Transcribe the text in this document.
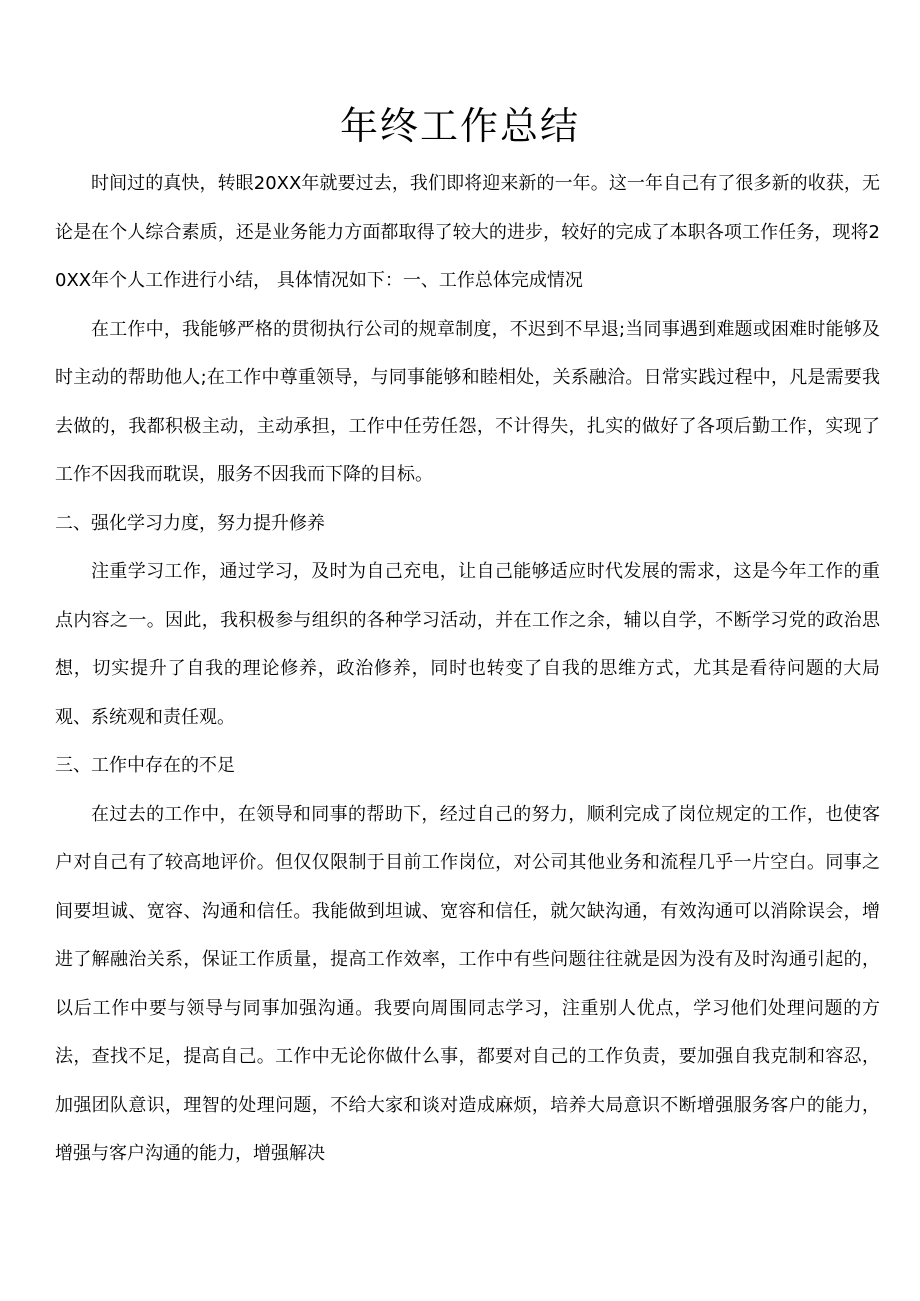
年终工作总结

时间过的真快，转眼20XX年就要过去，我们即将迎来新的一年。这一年自己有了很多新的收获，无论是在个人综合素质，还是业务能力方面都取得了较大的进步，较好的完成了本职各项工作任务，现将20XX年个人工作进行小结， 具体情况如下：一、工作总体完成情况

在工作中，我能够严格的贯彻执行公司的规章制度，不迟到不早退;当同事遇到难题或困难时能够及时主动的帮助他人;在工作中尊重领导，与同事能够和睦相处，关系融洽。日常实践过程中，凡是需要我去做的，我都积极主动，主动承担，工作中任劳任怨，不计得失，扎实的做好了各项后勤工作，实现了工作不因我而耽误，服务不因我而下降的目标。

二、强化学习力度，努力提升修养

注重学习工作，通过学习，及时为自己充电，让自己能够适应时代发展的需求，这是今年工作的重点内容之一。因此，我积极参与组织的各种学习活动，并在工作之余，辅以自学，不断学习党的政治思想，切实提升了自我的理论修养，政治修养，同时也转变了自我的思维方式，尤其是看待问题的大局观、系统观和责任观。

三、工作中存在的不足

在过去的工作中，在领导和同事的帮助下，经过自己的努力，顺利完成了岗位规定的工作，也使客户对自己有了较高地评价。但仅仅限制于目前工作岗位，对公司其他业务和流程几乎一片空白。同事之间要坦诚、宽容、沟通和信任。我能做到坦诚、宽容和信任，就欠缺沟通，有效沟通可以消除误会，增进了解融治关系，保证工作质量，提高工作效率，工作中有些问题往往就是因为没有及时沟通引起的，以后工作中要与领导与同事加强沟通。我要向周围同志学习，注重别人优点，学习他们处理问题的方法，查找不足，提高自己。工作中无论你做什么事，都要对自己的工作负责，要加强自我克制和容忍，加强团队意识，理智的处理问题，不给大家和谈对造成麻烦，培养大局意识不断增强服务客户的能力，增强与客户沟通的能力，增强解决
